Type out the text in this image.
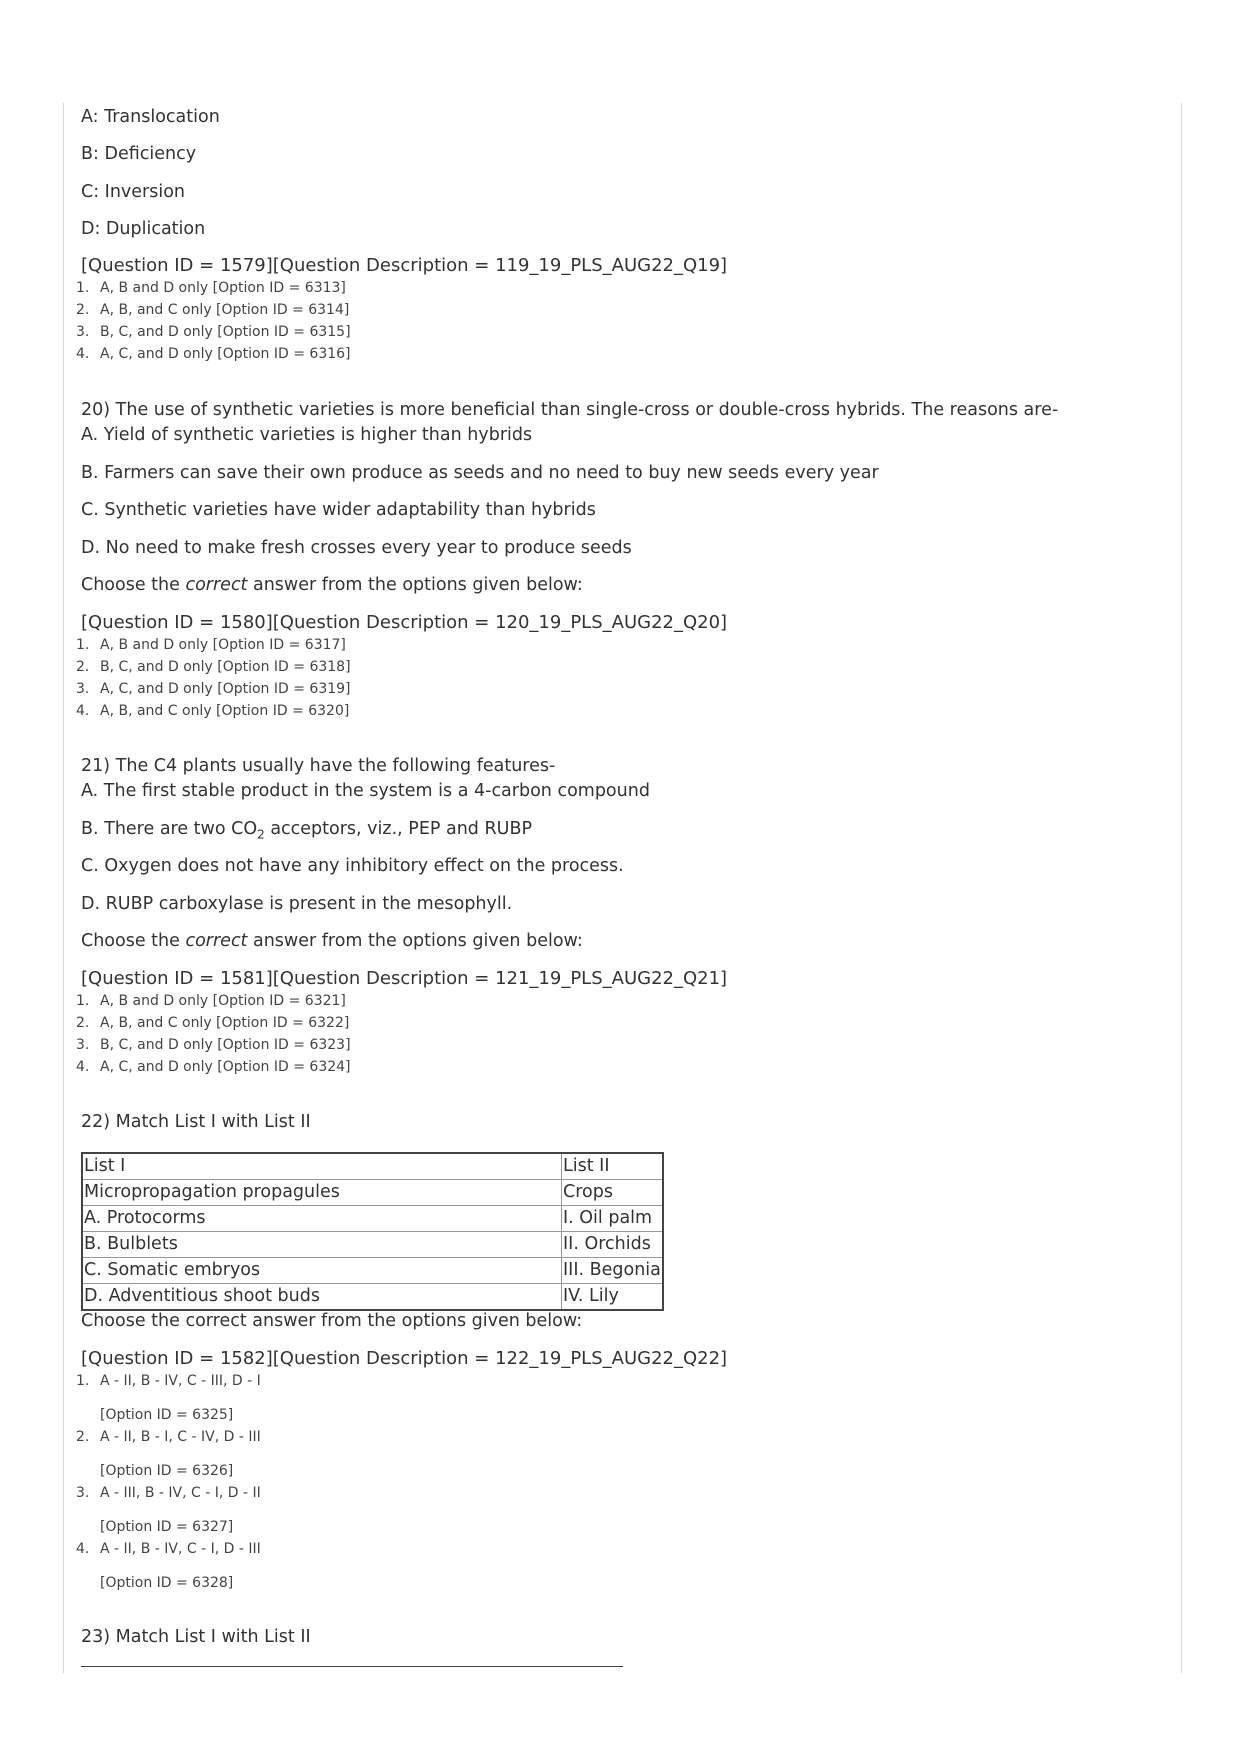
A: Translocation
B: Deficiency
C: Inversion
D: Duplication
[Question ID = 1579][Question Description = 119_19_PLS_AUG22_Q19]
1. A, B and D only [Option ID = 6313]
2. A, B, and C only [Option ID = 6314]
3. B, C, and D only [Option ID = 6315]
4. A, C, and D only [Option ID = 6316]
20) The use of synthetic varieties is more beneficial than single-cross or double-cross hybrids. The reasons are-
A. Yield of synthetic varieties is higher than hybrids
B. Farmers can save their own produce as seeds and no need to buy new seeds every year
C. Synthetic varieties have wider adaptability than hybrids
D. No need to make fresh crosses every year to produce seeds
Choose the correct answer from the options given below:
[Question ID = 1580][Question Description = 120_19_PLS_AUG22_Q20]
1. A, B and D only [Option ID = 6317]
2. B, C, and D only [Option ID = 6318]
3. A, C, and D only [Option ID = 6319]
4. A, B, and C only [Option ID = 6320]
21) The C4 plants usually have the following features-
A. The first stable product in the system is a 4-carbon compound
B. There are two $CO_2$ acceptors, viz., PEP and RUBP
C. Oxygen does not have any inhibitory effect on the process.
D. RUBP carboxylase is present in the mesophyll.
Choose the correct answer from the options given below:
[Question ID = 1581][Question Description = 121_19_PLS_AUG22_Q21]
1. A, B and D only [Option ID = 6321]
2. A, B, and C only [Option ID = 6322]
3. B, C, and D only [Option ID = 6323]
4. A, C, and D only [Option ID = 6324]
22) Match List I with List II
List I	List II
Micropropagation propagules	Crops
A. Protocorms	I. Oil palm
B. Bulblets	II. Orchids
C. Somatic embryos	III. Begonia
D. Adventitious shoot buds	IV. Lily
Choose the correct answer from the options given below:
[Question ID = 1582][Question Description = 122_19_PLS_AUG22_Q22]
1. A - II, B - IV, C - III, D - I
[Option ID = 6325]
2. A - II, B - I, C - IV, D - III
[Option ID = 6326]
3. A - III, B - IV, C - I, D - II
[Option ID = 6327]
4. A - II, B - IV, C - I, D - III
[Option ID = 6328]
23) Match List I with List II
